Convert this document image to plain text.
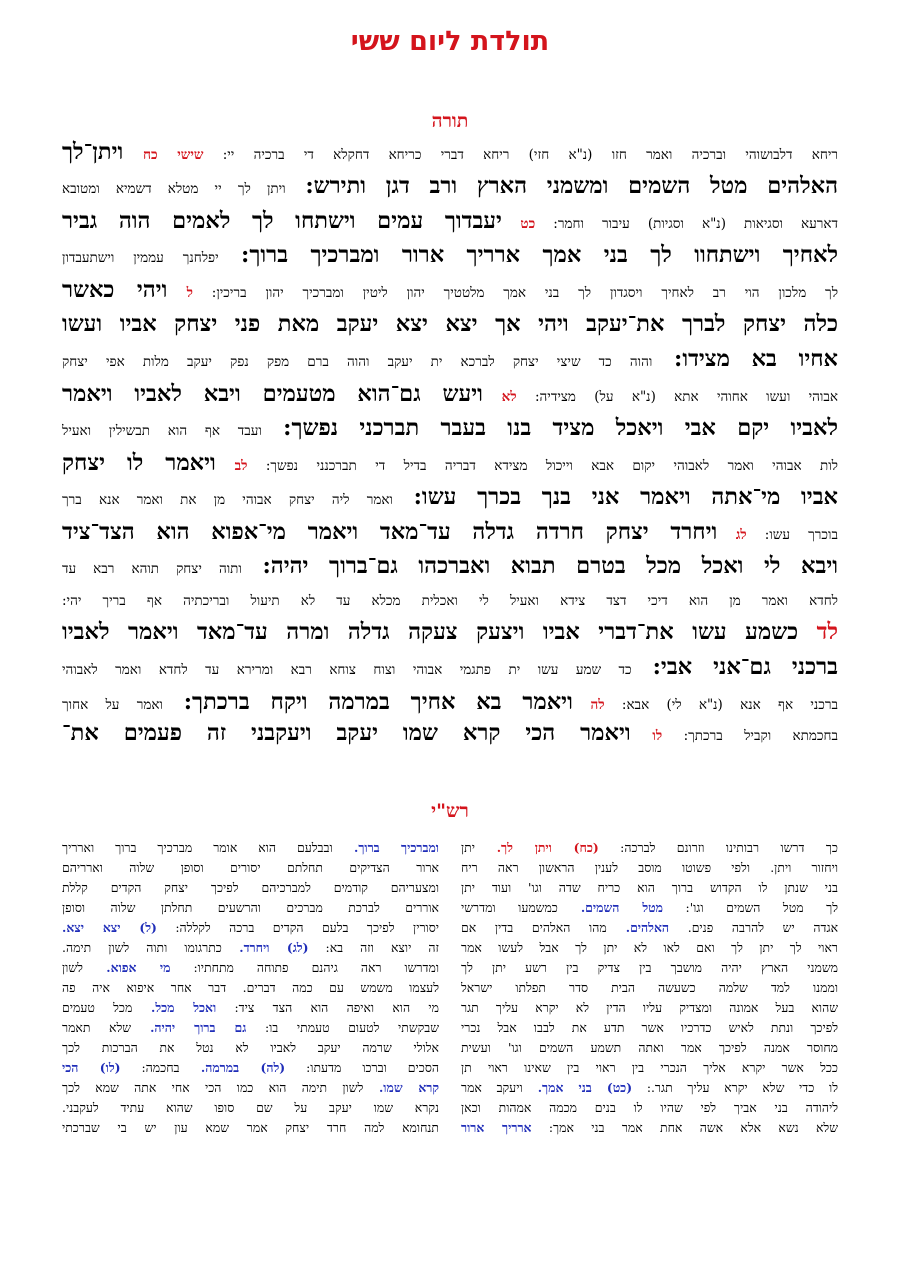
תולדת ליום ששי
תורה
ריחא דלבושוהי וברכיה ואמר חזו (נ"א חזי) ריחא דברי כריחא דחקלא די ברכיה יי: שישי כח ויתן־לך
האלהים מטל השמים ומשמני הארץ ורב דגן ותירש: ויתן לך יי מטלא דשמיא ומטובא
דארעא וסגיאות (נ"א וסגיות) עיבור וחמר: כט יעבדוך עמים וישתחו לך לאמים הוה גביר
לאחיך וישתחוו לך בני אמך ארריך ארור ומברכיך ברוך: יפלחנך עממין וישתעבדון
לך מלכון הוי רב לאחיך ויסגדון לך בני אמך מלטטיך יהון ליטין ומברכיך יהון בריכין: ל ויהי כאשר
כלה יצחק לברך את־יעקב ויהי אך יצא יצא יעקב מאת פני יצחק אביו ועשו
אחיו בא מצידו: והוה כד שיצי יצחק לברכא ית יעקב והוה ברם מפק נפק יעקב מלות אפי יצחק
אבוהי ועשו אחוהי אתא (נ"א על) מצידיה: לא ויעש גם־הוא מטעמים ויבא לאביו ויאמר
לאביו יקם אבי ויאכל מציד בנו בעבר תברכני נפשך: ועבד אף הוא תבשילין ואעיל
לות אבוהי ואמר לאבוהי יקום אבא וייכול מצידא דבריה בדיל די תברכנני נפשך: לב ויאמר לו יצחק
אביו מי־אתה ויאמר אני בנך בכרך עשו: ואמר ליה יצחק אבוהי מן את ואמר אנא ברך
בוכרך עשו: לג ויחרד יצחק חרדה גדלה עד־מאד ויאמר מי־אפוא הוא הצד־ציד
ויבא לי ואכל מכל בטרם תבוא ואברכהו גם־ברוך יהיה: ותוה יצחק תוהא רבא עד
לחדא ואמר מן הוא דיכי דצד צידא ואעיל לי ואכלית מכלא עד לא תיעול ובריכתיה אף בריך יהי:
לד כשמע עשו את־דברי אביו ויצעק צעקה גדלה ומרה עד־מאד ויאמר לאביו
ברכני גם־אני אבי: כד שמע עשו ית פתגמי אבוהי וצוח צוחא רבא ומרירא עד לחדא ואמר לאבוהי
ברכני אף אנא (נ"א לי) אבא: לה ויאמר בא אחיך במרמה ויקח ברכתך: ואמר על אחוך
בחכמתא וקביל ברכתך: לו ויאמר הכי קרא שמו יעקב ויעקבני זה פעמים את־
רש"י
כך דרשו רבותינו וזרונם לברכה: (כח) ויתן לך. יתן
ויחזור ויתן. ולפי פשוטו מוסב לענין הראשון ראה ריח
בני שנתן לו הקדוש ברוך הוא כריח שדה וגו' ועוד יתן
לך מטל השמים וגו': מטל השמים. כמשמעו ומדרשי
אגדה יש להרבה פנים. האלהים. מהו האלהים בדין אם
ראוי לך יתן לך ואם לאו לא יתן לך אבל לעשו אמר
משמני הארץ יהיה מושבך בין צדיק בין רשע יתן לך
וממנו למד שלמה כשעשה הבית סדר תפלתו ישראל
שהוא בעל אמונה ומצדיק עליו הדין לא יקרא עליך תגר
לפיכך ונתת לאיש כדרכיו אשר תדע את לבבו אבל נכרי
מחוסר אמנה לפיכך אמר ואתה תשמע השמים וגו' ועשית
ככל אשר יקרא אליך הנכרי בין ראוי בין שאינו ראוי תן
לו כדי שלא יקרא עליך תגר.: (כט) בני אמך. ויעקב אמר
ליהודה בני אביך לפי שהיו לו בנים מכמה אמהות וכאן
שלא נשא אלא אשה אחת אמר בני אמך: ארריך ארור
ומברכיך ברוך. ובבלעם הוא אומר מברכיך ברוך וארריך
ארור הצדיקים תחלתם יסורים וסופן שלוה וארריהם
ומצעריהם קודמים למברכיהם לפיכך יצחק הקדים קללת
אוררים לברכת מברכים והרשעים תחלתן שלוה וסופן
יסורין לפיכך בלעם הקדים ברכה לקללה: (ל) יצא יצא.
זה יוצא וזה בא: (לג) ויחרד. כתרגומו ותוה לשון תימה.
ומדרשו ראה גיהנם פתוחה מתחתיו: מי אפוא. לשון
לעצמו משמש עם כמה דברים. דבר אחר איפוא איה פה
מי הוא ואיפה הוא הצד ציד: ואכל מכל. מכל טעמים
שבקשתי לטעום טעמתי בו: גם ברוך יהיה. שלא תאמר
אלולי שרמה יעקב לאביו לא נטל את הברכות לכך
הסכים וברכו מדעתו: (לה) במרמה. בחכמה: (לו) הכי
קרא שמו. לשון תימה הוא כמו הכי אחי אתה שמא לכך
נקרא שמו יעקב על שם סופו שהוא עתיד לעקבני.
תנחומא למה חרד יצחק אמר שמא עון יש בי שברכתי
